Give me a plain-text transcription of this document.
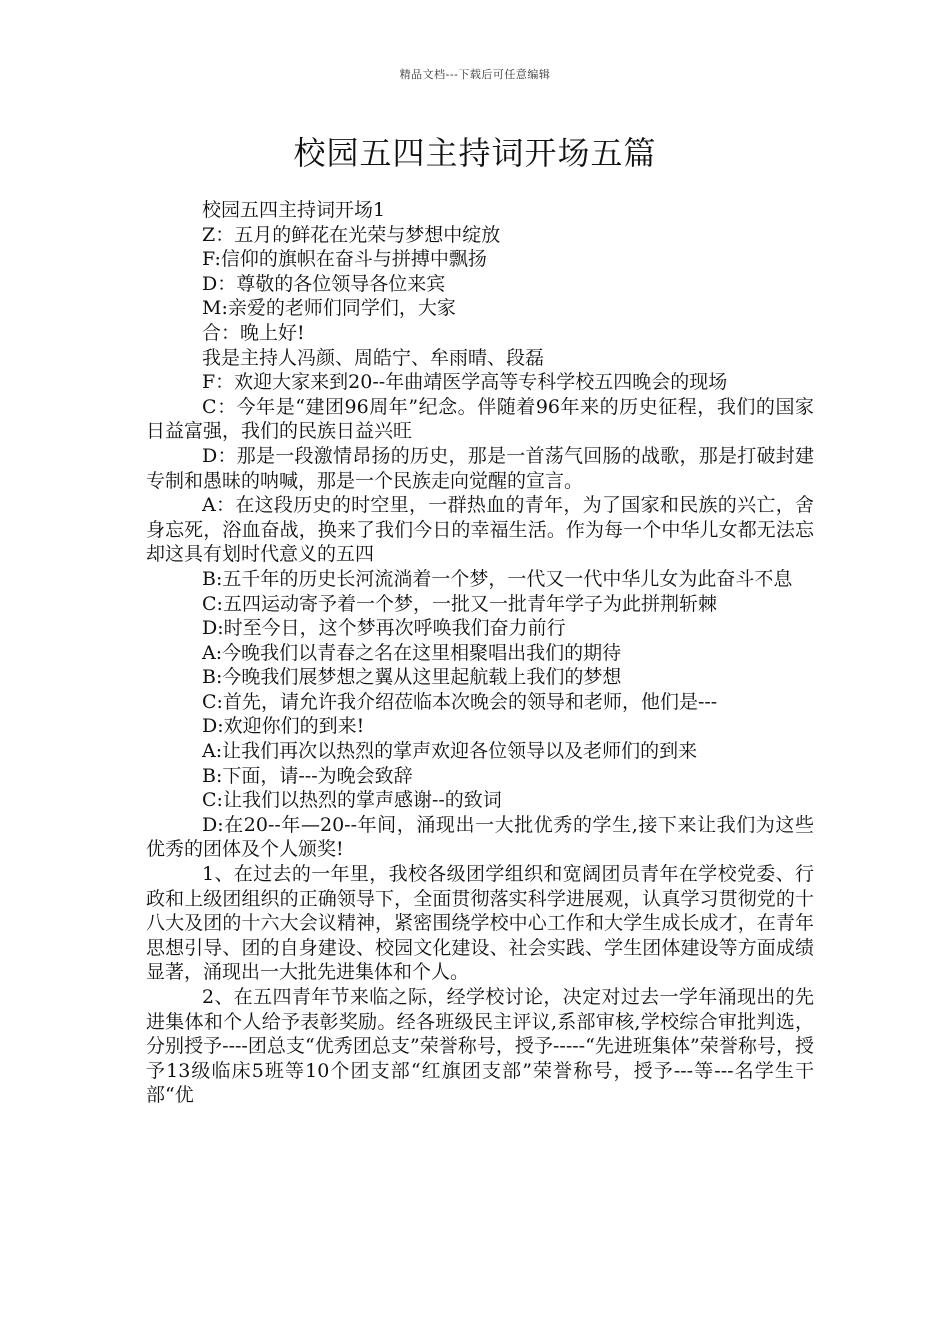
精品文档---下载后可任意编辑
校园五四主持词开场五篇

校园五四主持词开场1

Z：五月的鲜花在光荣与梦想中绽放

F:信仰的旗帜在奋斗与拼搏中飘扬

D：尊敬的各位领导各位来宾

M:亲爱的老师们同学们，大家

合：晚上好!

我是主持人冯颜、周皓宁、牟雨晴、段磊

F：欢迎大家来到20--年曲靖医学高等专科学校五四晚会的现场

C：今年是“建团96周年”纪念。伴随着96年来的历史征程，我们的国家日益富强，我们的民族日益兴旺

D：那是一段激情昂扬的历史，那是一首荡气回肠的战歌，那是打破封建专制和愚昧的呐喊，那是一个民族走向觉醒的宣言。

A：在这段历史的时空里，一群热血的青年，为了国家和民族的兴亡，舍身忘死，浴血奋战，换来了我们今日的幸福生活。作为每一个中华儿女都无法忘却这具有划时代意义的五四

B:五千年的历史长河流淌着一个梦，一代又一代中华儿女为此奋斗不息

C:五四运动寄予着一个梦，一批又一批青年学子为此拼荆斩棘

D:时至今日，这个梦再次呼唤我们奋力前行

A:今晚我们以青春之名在这里相聚唱出我们的期待

B:今晚我们展梦想之翼从这里起航载上我们的梦想

C:首先，请允许我介绍莅临本次晚会的领导和老师，他们是---

D:欢迎你们的到来!

A:让我们再次以热烈的掌声欢迎各位领导以及老师们的到来

B:下面，请---为晚会致辞

C:让我们以热烈的掌声感谢--的致词

D:在20--年—20--年间，涌现出一大批优秀的学生,接下来让我们为这些优秀的团体及个人颁奖!

1、在过去的一年里，我校各级团学组织和宽阔团员青年在学校党委、行政和上级团组织的正确领导下，全面贯彻落实科学进展观，认真学习贯彻党的十八大及团的十六大会议精神，紧密围绕学校中心工作和大学生成长成才，在青年思想引导、团的自身建设、校园文化建设、社会实践、学生团体建设等方面成绩显著，涌现出一大批先进集体和个人。

2、在五四青年节来临之际，经学校讨论，决定对过去一学年涌现出的先进集体和个人给予表彰奖励。经各班级民主评议,系部审核,学校综合审批判选，分别授予----团总支“优秀团总支”荣誉称号，授予-----“先进班集体”荣誉称号，授予13级临床5班等10个团支部“红旗团支部”荣誉称号，授予---等---名学生干部“优
